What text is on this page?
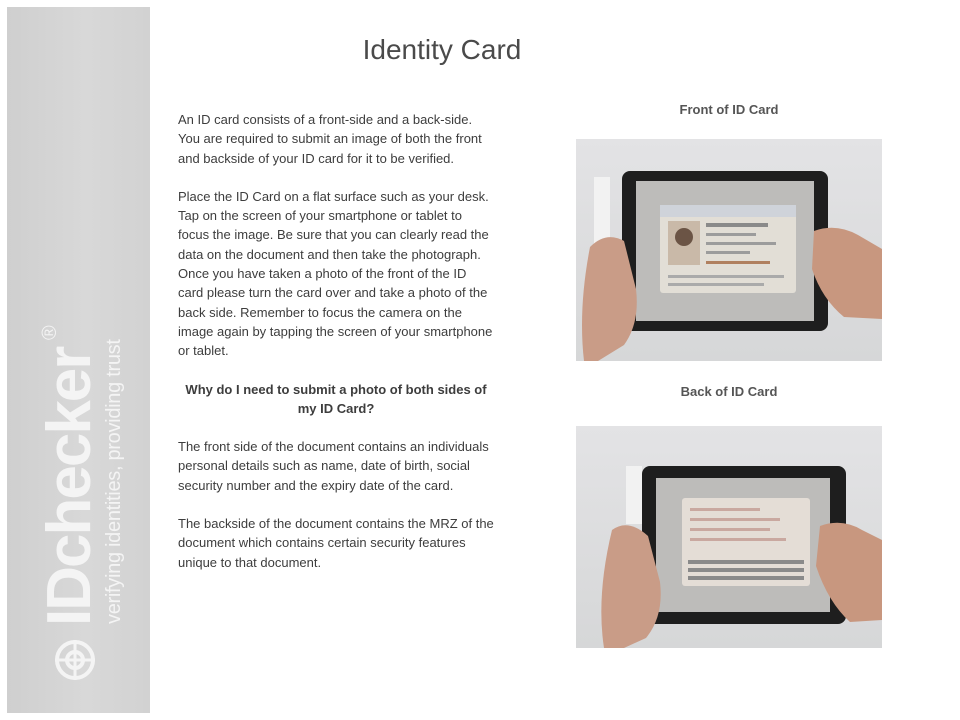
IDchecker
®
verifying identities, providing trust
Identity Card

An ID card consists of a front-side and a back-side. You are required to submit an image of both the front and backside of your ID card for it to be verified.

Place the ID Card on a flat surface such as your desk. Tap on the screen of your smartphone or tablet to focus the image. Be sure that you can clearly read the data on the document and then take the photograph. Once you have taken a photo of the front of the ID card please turn the card over and take a photo of the back side. Remember to focus the camera on the image again by tapping the screen of your smartphone or tablet.

Why do I need to submit a photo of both sides of my ID Card?

The front side of the document contains an individuals personal details such as name, date of birth, social security number and the expiry date of the card.

The backside of the document contains the MRZ of the document which contains certain security features unique to that document.

Front of ID Card

Back of ID Card
